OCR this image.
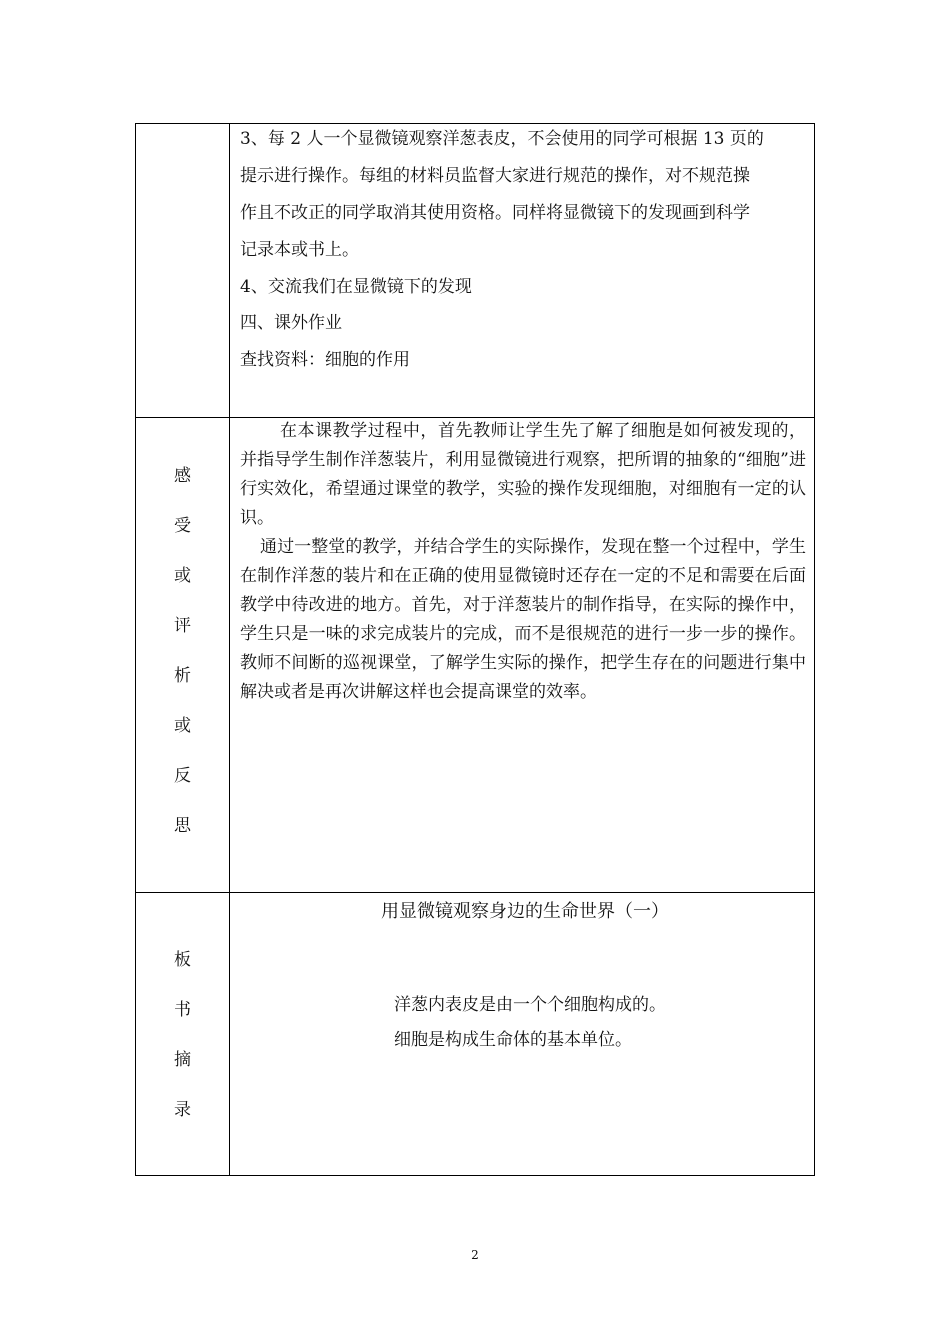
3、每 2 人一个显微镜观察洋葱表皮，不会使用的同学可根据 13 页的
提示进行操作。每组的材料员监督大家进行规范的操作，对不规范操
作且不改正的同学取消其使用资格。同样将显微镜下的发现画到科学
记录本或书上。
4、交流我们在显微镜下的发现
四、课外作业
查找资料：细胞的作用
感
受
或
评
析
或
反
思
在本课教学过程中，首先教师让学生先了解了细胞是如何被发现的，并指导学生制作洋葱装片，利用显微镜进行观察，把所谓的抽象的“细胞”进行实效化，希望通过课堂的教学，实验的操作发现细胞，对细胞有一定的认识。
通过一整堂的教学，并结合学生的实际操作，发现在整一个过程中，学生在制作洋葱的装片和在正确的使用显微镜时还存在一定的不足和需要在后面教学中待改进的地方。首先，对于洋葱装片的制作指导，在实际的操作中，学生只是一味的求完成装片的完成，而不是很规范的进行一步一步的操作。教师不间断的巡视课堂，了解学生实际的操作，把学生存在的问题进行集中解决或者是再次讲解这样也会提高课堂的效率。
板
书
摘
录
用显微镜观察身边的生命世界（一）
洋葱内表皮是由一个个细胞构成的。
细胞是构成生命体的基本单位。
2
